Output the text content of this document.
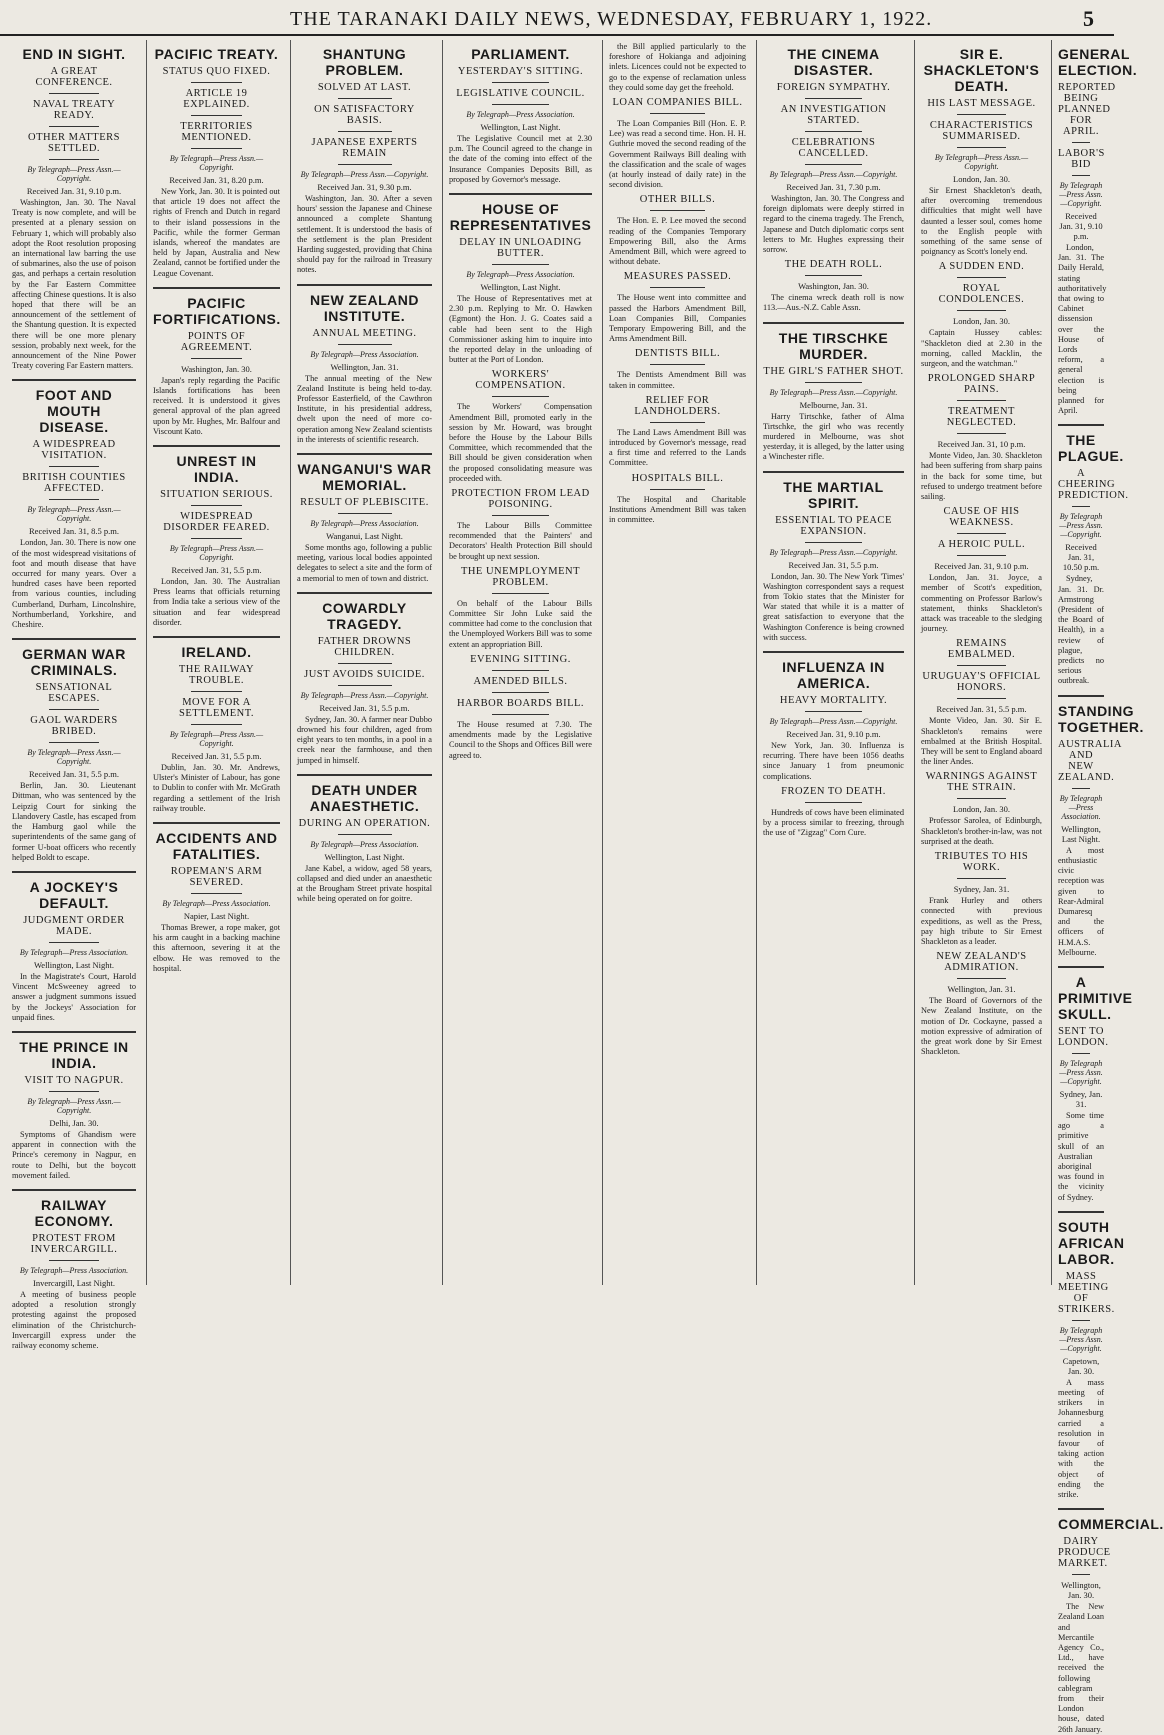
THE TARANAKI DAILY NEWS, WEDNESDAY, FEBRUARY 1, 1922.	5
END IN SIGHT.
A GREAT CONFERENCE.
NAVAL TREATY READY.
OTHER MATTERS SETTLED.
By Telegraph—Press Assn.—Copyright.
Received Jan. 31, 9.10 p.m.

Washington, Jan. 30. The Naval Treaty is now complete, and will be presented at a plenary session on February 1, which will probably also adopt the Root resolution proposing an international law barring the use of submarines, also the use of poison gas, and perhaps a certain resolution by the Far Eastern Committee affecting Chinese questions. It is also hoped that there will be an announcement of the settlement of the Shantung question. It is expected there will be one more plenary session, probably next week, for the announcement of the Nine Power Treaty covering Far Eastern matters.

FOOT AND MOUTH DISEASE.
A WIDESPREAD VISITATION.
BRITISH COUNTIES AFFECTED.
By Telegraph—Press Assn.—Copyright.
Received Jan. 31, 8.5 p.m.

London, Jan. 30. There is now one of the most widespread visitations of foot and mouth disease that have occurred for many years. Over a hundred cases have been reported from various counties, including Cumberland, Durham, Lincolnshire, Northumberland, Yorkshire, and Cheshire.

GERMAN WAR CRIMINALS.
SENSATIONAL ESCAPES.
GAOL WARDERS BRIBED.
By Telegraph—Press Assn.—Copyright.
Received Jan. 31, 5.5 p.m.

Berlin, Jan. 30. Lieutenant Dittman, who was sentenced by the Leipzig Court for sinking the Llandovery Castle, has escaped from the Hamburg gaol while the superintendents of the same gang of former U-boat officers who recently helped Boldt to escape.

A JOCKEY'S DEFAULT.
JUDGMENT ORDER MADE.
By Telegraph—Press Association.
Wellington, Last Night.

In the Magistrate's Court, Harold Vincent McSweeney agreed to answer a judgment summons issued by the Jockeys' Association for unpaid fines.

THE PRINCE IN INDIA.
VISIT TO NAGPUR.
By Telegraph—Press Assn.—Copyright.
Delhi, Jan. 30.

Symptoms of Ghandism were apparent in connection with the Prince's ceremony in Nagpur, en route to Delhi, but the boycott movement failed.

RAILWAY ECONOMY.
PROTEST FROM INVERCARGILL.
By Telegraph—Press Association.
Invercargill, Last Night.

A meeting of business people adopted a resolution strongly protesting against the proposed elimination of the Christchurch-Invercargill express under the railway economy scheme.

PACIFIC TREATY.
STATUS QUO FIXED.
ARTICLE 19 EXPLAINED.
TERRITORIES MENTIONED.
By Telegraph—Press Assn.—Copyright.
Received Jan. 31, 8.20 p.m.

New York, Jan. 30. It is pointed out that article 19 does not affect the rights of French and Dutch in regard to their island possessions in the Pacific, while the former German islands, whereof the mandates are held by Japan, Australia and New Zealand, cannot be fortified under the League Covenant.

PACIFIC FORTIFICATIONS.
POINTS OF AGREEMENT.
Washington, Jan. 30.

Japan's reply regarding the Pacific Islands fortifications has been received. It is understood it gives general approval of the plan agreed upon by Mr. Hughes, Mr. Balfour and Viscount Kato.

UNREST IN INDIA.
SITUATION SERIOUS.
WIDESPREAD DISORDER FEARED.
By Telegraph—Press Assn.—Copyright.
Received Jan. 31, 5.5 p.m.

London, Jan. 30. The Australian Press learns that officials returning from India take a serious view of the situation and fear widespread disorder.

IRELAND.
THE RAILWAY TROUBLE.
MOVE FOR A SETTLEMENT.
By Telegraph—Press Assn.—Copyright.
Received Jan. 31, 5.5 p.m.

Dublin, Jan. 30. Mr. Andrews, Ulster's Minister of Labour, has gone to Dublin to confer with Mr. McGrath regarding a settlement of the Irish railway trouble.

ACCIDENTS AND FATALITIES.
ROPEMAN'S ARM SEVERED.
By Telegraph—Press Association.
Napier, Last Night.

Thomas Brewer, a rope maker, got his arm caught in a backing machine this afternoon, severing it at the elbow. He was removed to the hospital.

SHANTUNG PROBLEM.
SOLVED AT LAST.
ON SATISFACTORY BASIS.
JAPANESE EXPERTS REMAIN
By Telegraph—Press Assn.—Copyright.
Received Jan. 31, 9.30 p.m.

Washington, Jan. 30. After a seven hours' session the Japanese and Chinese announced a complete Shantung settlement. It is understood the basis of the settlement is the plan President Harding suggested, providing that China should pay for the railroad in Treasury notes.

NEW ZEALAND INSTITUTE.
ANNUAL MEETING.
By Telegraph—Press Association.
Wellington, Jan. 31.

The annual meeting of the New Zealand Institute is being held to-day. Professor Easterfield, of the Cawthron Institute, in his presidential address, dwelt upon the need of more co-operation among New Zealand scientists in the interests of scientific research.

WANGANUI'S WAR MEMORIAL.
RESULT OF PLEBISCITE.
By Telegraph—Press Association.
Wanganui, Last Night.

Some months ago, following a public meeting, various local bodies appointed delegates to select a site and the form of a memorial to men of town and district.

COWARDLY TRAGEDY.
FATHER DROWNS CHILDREN.
JUST AVOIDS SUICIDE.
By Telegraph—Press Assn.—Copyright.
Received Jan. 31, 5.5 p.m.

Sydney, Jan. 30. A farmer near Dubbo drowned his four children, aged from eight years to ten months, in a pool in a creek near the farmhouse, and then jumped in himself.

DEATH UNDER ANAESTHETIC.
DURING AN OPERATION.
By Telegraph—Press Association.
Wellington, Last Night.

Jane Kabel, a widow, aged 58 years, collapsed and died under an anaesthetic at the Brougham Street private hospital while being operated on for goitre.

PARLIAMENT.
YESTERDAY'S SITTING.
LEGISLATIVE COUNCIL.
By Telegraph—Press Association.
Wellington, Last Night.

The Legislative Council met at 2.30 p.m. The Council agreed to the change in the date of the coming into effect of the Insurance Companies Deposits Bill, as proposed by Governor's message.

HOUSE OF REPRESENTATIVES
DELAY IN UNLOADING BUTTER.
By Telegraph—Press Association.
Wellington, Last Night.

The House of Representatives met at 2.30 p.m. Replying to Mr. O. Hawken (Egmont) the Hon. J. G. Coates said a cable had been sent to the High Commissioner asking him to inquire into the reported delay in the unloading of butter at the Port of London.

WORKERS' COMPENSATION.

The Workers' Compensation Amendment Bill, promoted early in the session by Mr. Howard, was brought before the House by the Labour Bills Committee, which recommended that the Bill should be given consideration when the proposed consolidating measure was proceeded with.

PROTECTION FROM LEAD POISONING.

The Labour Bills Committee recommended that the Painters' and Decorators' Health Protection Bill should be brought up next session.

THE UNEMPLOYMENT PROBLEM.

On behalf of the Labour Bills Committee Sir John Luke said the committee had come to the conclusion that the Unemployed Workers Bill was to some extent an appropriation Bill.

EVENING SITTING.
AMENDED BILLS.
HARBOR BOARDS BILL.

The House resumed at 7.30. The amendments made by the Legislative Council to the Shops and Offices Bill were agreed to.

the Bill applied particularly to the foreshore of Hokianga and adjoining inlets. Licences could not be expected to go to the expense of reclamation unless they could some day get the freehold.

LOAN COMPANIES BILL.

The Loan Companies Bill (Hon. E. P. Lee) was read a second time. Hon. H. H. Guthrie moved the second reading of the Government Railways Bill dealing with the classification and the scale of wages (at hourly instead of daily rate) in the second division.

OTHER BILLS.

The Hon. E. P. Lee moved the second reading of the Companies Temporary Empowering Bill, also the Arms Amendment Bill, which were agreed to without debate.

MEASURES PASSED.

The House went into committee and passed the Harbors Amendment Bill, Loan Companies Bill, Companies Temporary Empowering Bill, and the Arms Amendment Bill.

DENTISTS BILL.

The Dentists Amendment Bill was taken in committee.

RELIEF FOR LANDHOLDERS.

The Land Laws Amendment Bill was introduced by Governor's message, read a first time and referred to the Lands Committee.

HOSPITALS BILL.

The Hospital and Charitable Institutions Amendment Bill was taken in committee.

THE CINEMA DISASTER.
FOREIGN SYMPATHY.
AN INVESTIGATION STARTED.
CELEBRATIONS CANCELLED.
By Telegraph—Press Assn.—Copyright.
Received Jan. 31, 7.30 p.m.

Washington, Jan. 30. The Congress and foreign diplomats were deeply stirred in regard to the cinema tragedy. The French, Japanese and Dutch diplomatic corps sent letters to Mr. Hughes expressing their sorrow.

THE DEATH ROLL.
Washington, Jan. 30.

The cinema wreck death roll is now 113.—Aus.-N.Z. Cable Assn.

THE TIRSCHKE MURDER.
THE GIRL'S FATHER SHOT.
By Telegraph—Press Assn.—Copyright.
Melbourne, Jan. 31.

Harry Tirtschke, father of Alma Tirtschke, the girl who was recently murdered in Melbourne, was shot yesterday, it is alleged, by the latter using a Winchester rifle.

THE MARTIAL SPIRIT.
ESSENTIAL TO PEACE EXPANSION.
By Telegraph—Press Assn.—Copyright.
Received Jan. 31, 5.5 p.m.

London, Jan. 30. The New York 'Times' Washington correspondent says a request from Tokio states that the Minister for War stated that while it is a matter of great satisfaction to everyone that the Washington Conference is being crowned with success.

INFLUENZA IN AMERICA.
HEAVY MORTALITY.
By Telegraph—Press Assn.—Copyright.
Received Jan. 31, 9.10 p.m.

New York, Jan. 30. Influenza is recurring. There have been 1056 deaths since January 1 from pneumonic complications.

FROZEN TO DEATH.

Hundreds of cows have been eliminated by a process similar to freezing, through the use of "Zigzag" Corn Cure.

SIR E. SHACKLETON'S DEATH.
HIS LAST MESSAGE.
CHARACTERISTICS SUMMARISED.
By Telegraph—Press Assn.—Copyright.
London, Jan. 30.

Sir Ernest Shackleton's death, after overcoming tremendous difficulties that might well have daunted a lesser soul, comes home to the English people with something of the same sense of poignancy as Scott's lonely end.

A SUDDEN END.
ROYAL CONDOLENCES.
London, Jan. 30.

Captain Hussey cables: "Shackleton died at 2.30 in the morning, called Macklin, the surgeon, and the watchman."

PROLONGED SHARP PAINS.
TREATMENT NEGLECTED.
Received Jan. 31, 10 p.m.

Monte Video, Jan. 30. Shackleton had been suffering from sharp pains in the back for some time, but refused to undergo treatment before sailing.

CAUSE OF HIS WEAKNESS.
A HEROIC PULL.
Received Jan. 31, 9.10 p.m.

London, Jan. 31. Joyce, a member of Scott's expedition, commenting on Professor Barlow's statement, thinks Shackleton's attack was traceable to the sledging journey.

REMAINS EMBALMED.
URUGUAY'S OFFICIAL HONORS.
Received Jan. 31, 5.5 p.m.

Monte Video, Jan. 30. Sir E. Shackleton's remains were embalmed at the British Hospital. They will be sent to England aboard the liner Andes.

WARNINGS AGAINST THE STRAIN.
London, Jan. 30.

Professor Sarolea, of Edinburgh, Shackleton's brother-in-law, was not surprised at the death.

TRIBUTES TO HIS WORK.
Sydney, Jan. 31.

Frank Hurley and others connected with previous expeditions, as well as the Press, pay high tribute to Sir Ernest Shackleton as a leader.

NEW ZEALAND'S ADMIRATION.
Wellington, Jan. 31.

The Board of Governors of the New Zealand Institute, on the motion of Dr. Cockayne, passed a motion expressive of admiration of the great work done by Sir Ernest Shackleton.

GENERAL ELECTION.
REPORTED BEING PLANNED FOR APRIL.
LABOR'S BID
By Telegraph—Press Assn.—Copyright.
Received Jan. 31, 9.10 p.m.

London, Jan. 31. The Daily Herald, stating authoritatively that owing to Cabinet dissension over the House of Lords reform, a general election is being planned for April.

THE PLAGUE.
A CHEERING PREDICTION.
By Telegraph—Press Assn.—Copyright.
Received Jan. 31, 10.50 p.m.

Sydney, Jan. 31. Dr. Armstrong (President of the Board of Health), in a review of plague, predicts no serious outbreak.

STANDING TOGETHER.
AUSTRALIA AND NEW ZEALAND.
By Telegraph—Press Association.
Wellington, Last Night.

A most enthusiastic civic reception was given to Rear-Admiral Dumaresq and the officers of H.M.A.S. Melbourne.

A PRIMITIVE SKULL.
SENT TO LONDON.
By Telegraph—Press Assn.—Copyright.
Sydney, Jan. 31.

Some time ago a primitive skull of an Australian aboriginal was found in the vicinity of Sydney.

SOUTH AFRICAN LABOR.
MASS MEETING OF STRIKERS.
By Telegraph—Press Assn.—Copyright.
Capetown, Jan. 30.

A mass meeting of strikers in Johannesburg carried a resolution in favour of taking action with the object of ending the strike.

COMMERCIAL.
DAIRY PRODUCE MARKET.
Wellington, Jan. 30.

The New Zealand Loan and Mercantile Agency Co., Ltd., have received the following cablegram from their London house, dated 26th January.
